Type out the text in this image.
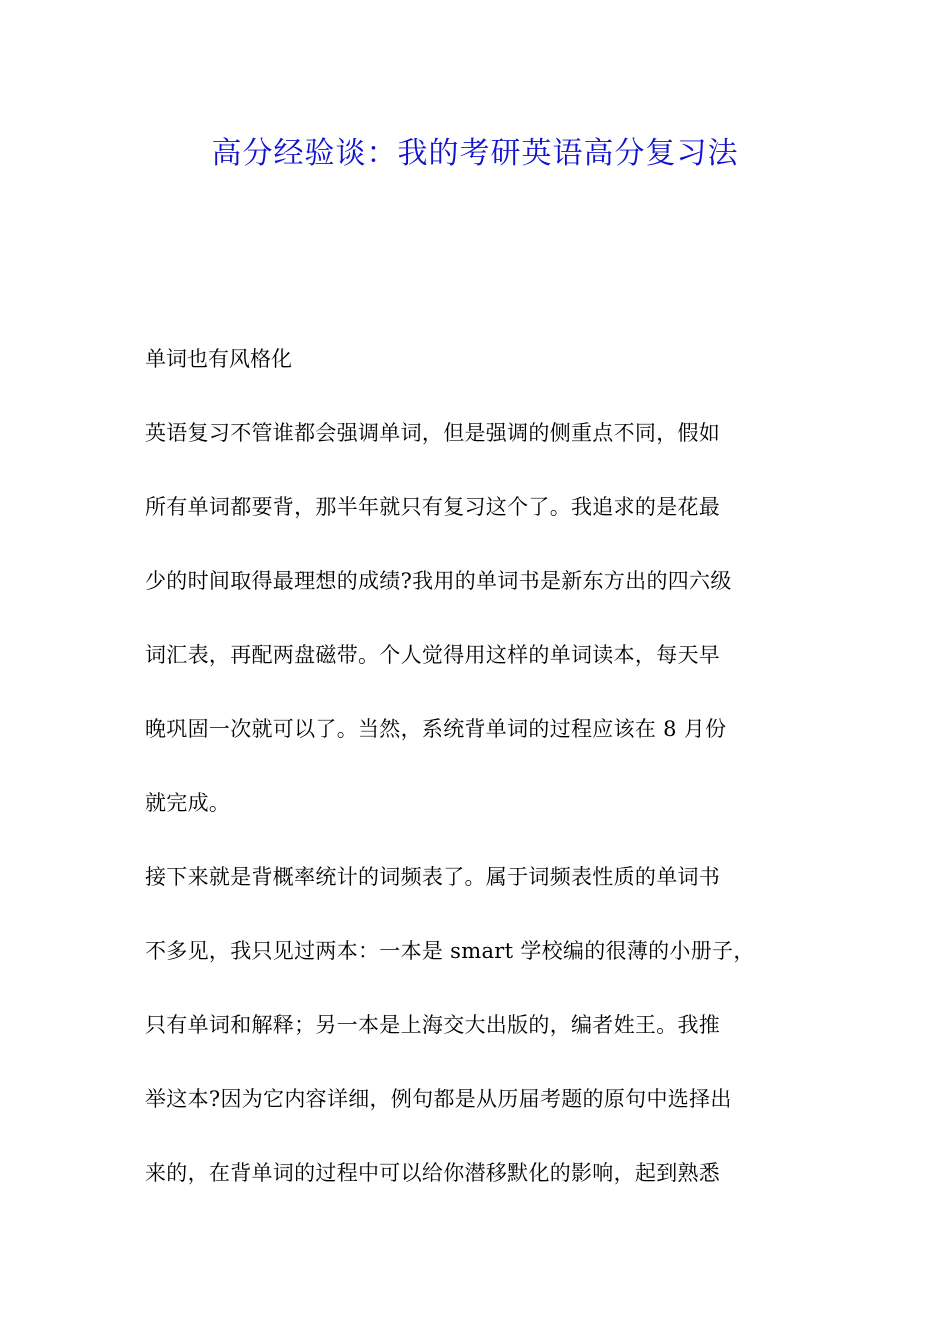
高分经验谈：我的考研英语高分复习法
单词也有风格化
英语复习不管谁都会强调单词，但是强调的侧重点不同，假如
所有单词都要背，那半年就只有复习这个了。我追求的是花最
少的时间取得最理想的成绩?我用的单词书是新东方出的四六级
词汇表，再配两盘磁带。个人觉得用这样的单词读本，每天早
晚巩固一次就可以了。当然，系统背单词的过程应该在 8 月份
就完成。
接下来就是背概率统计的词频表了。属于词频表性质的单词书
不多见，我只见过两本：一本是 smart 学校编的很薄的小册子，
只有单词和解释；另一本是上海交大出版的，编者姓王。我推
举这本?因为它内容详细，例句都是从历届考题的原句中选择出
来的，在背单词的过程中可以给你潜移默化的影响，起到熟悉
